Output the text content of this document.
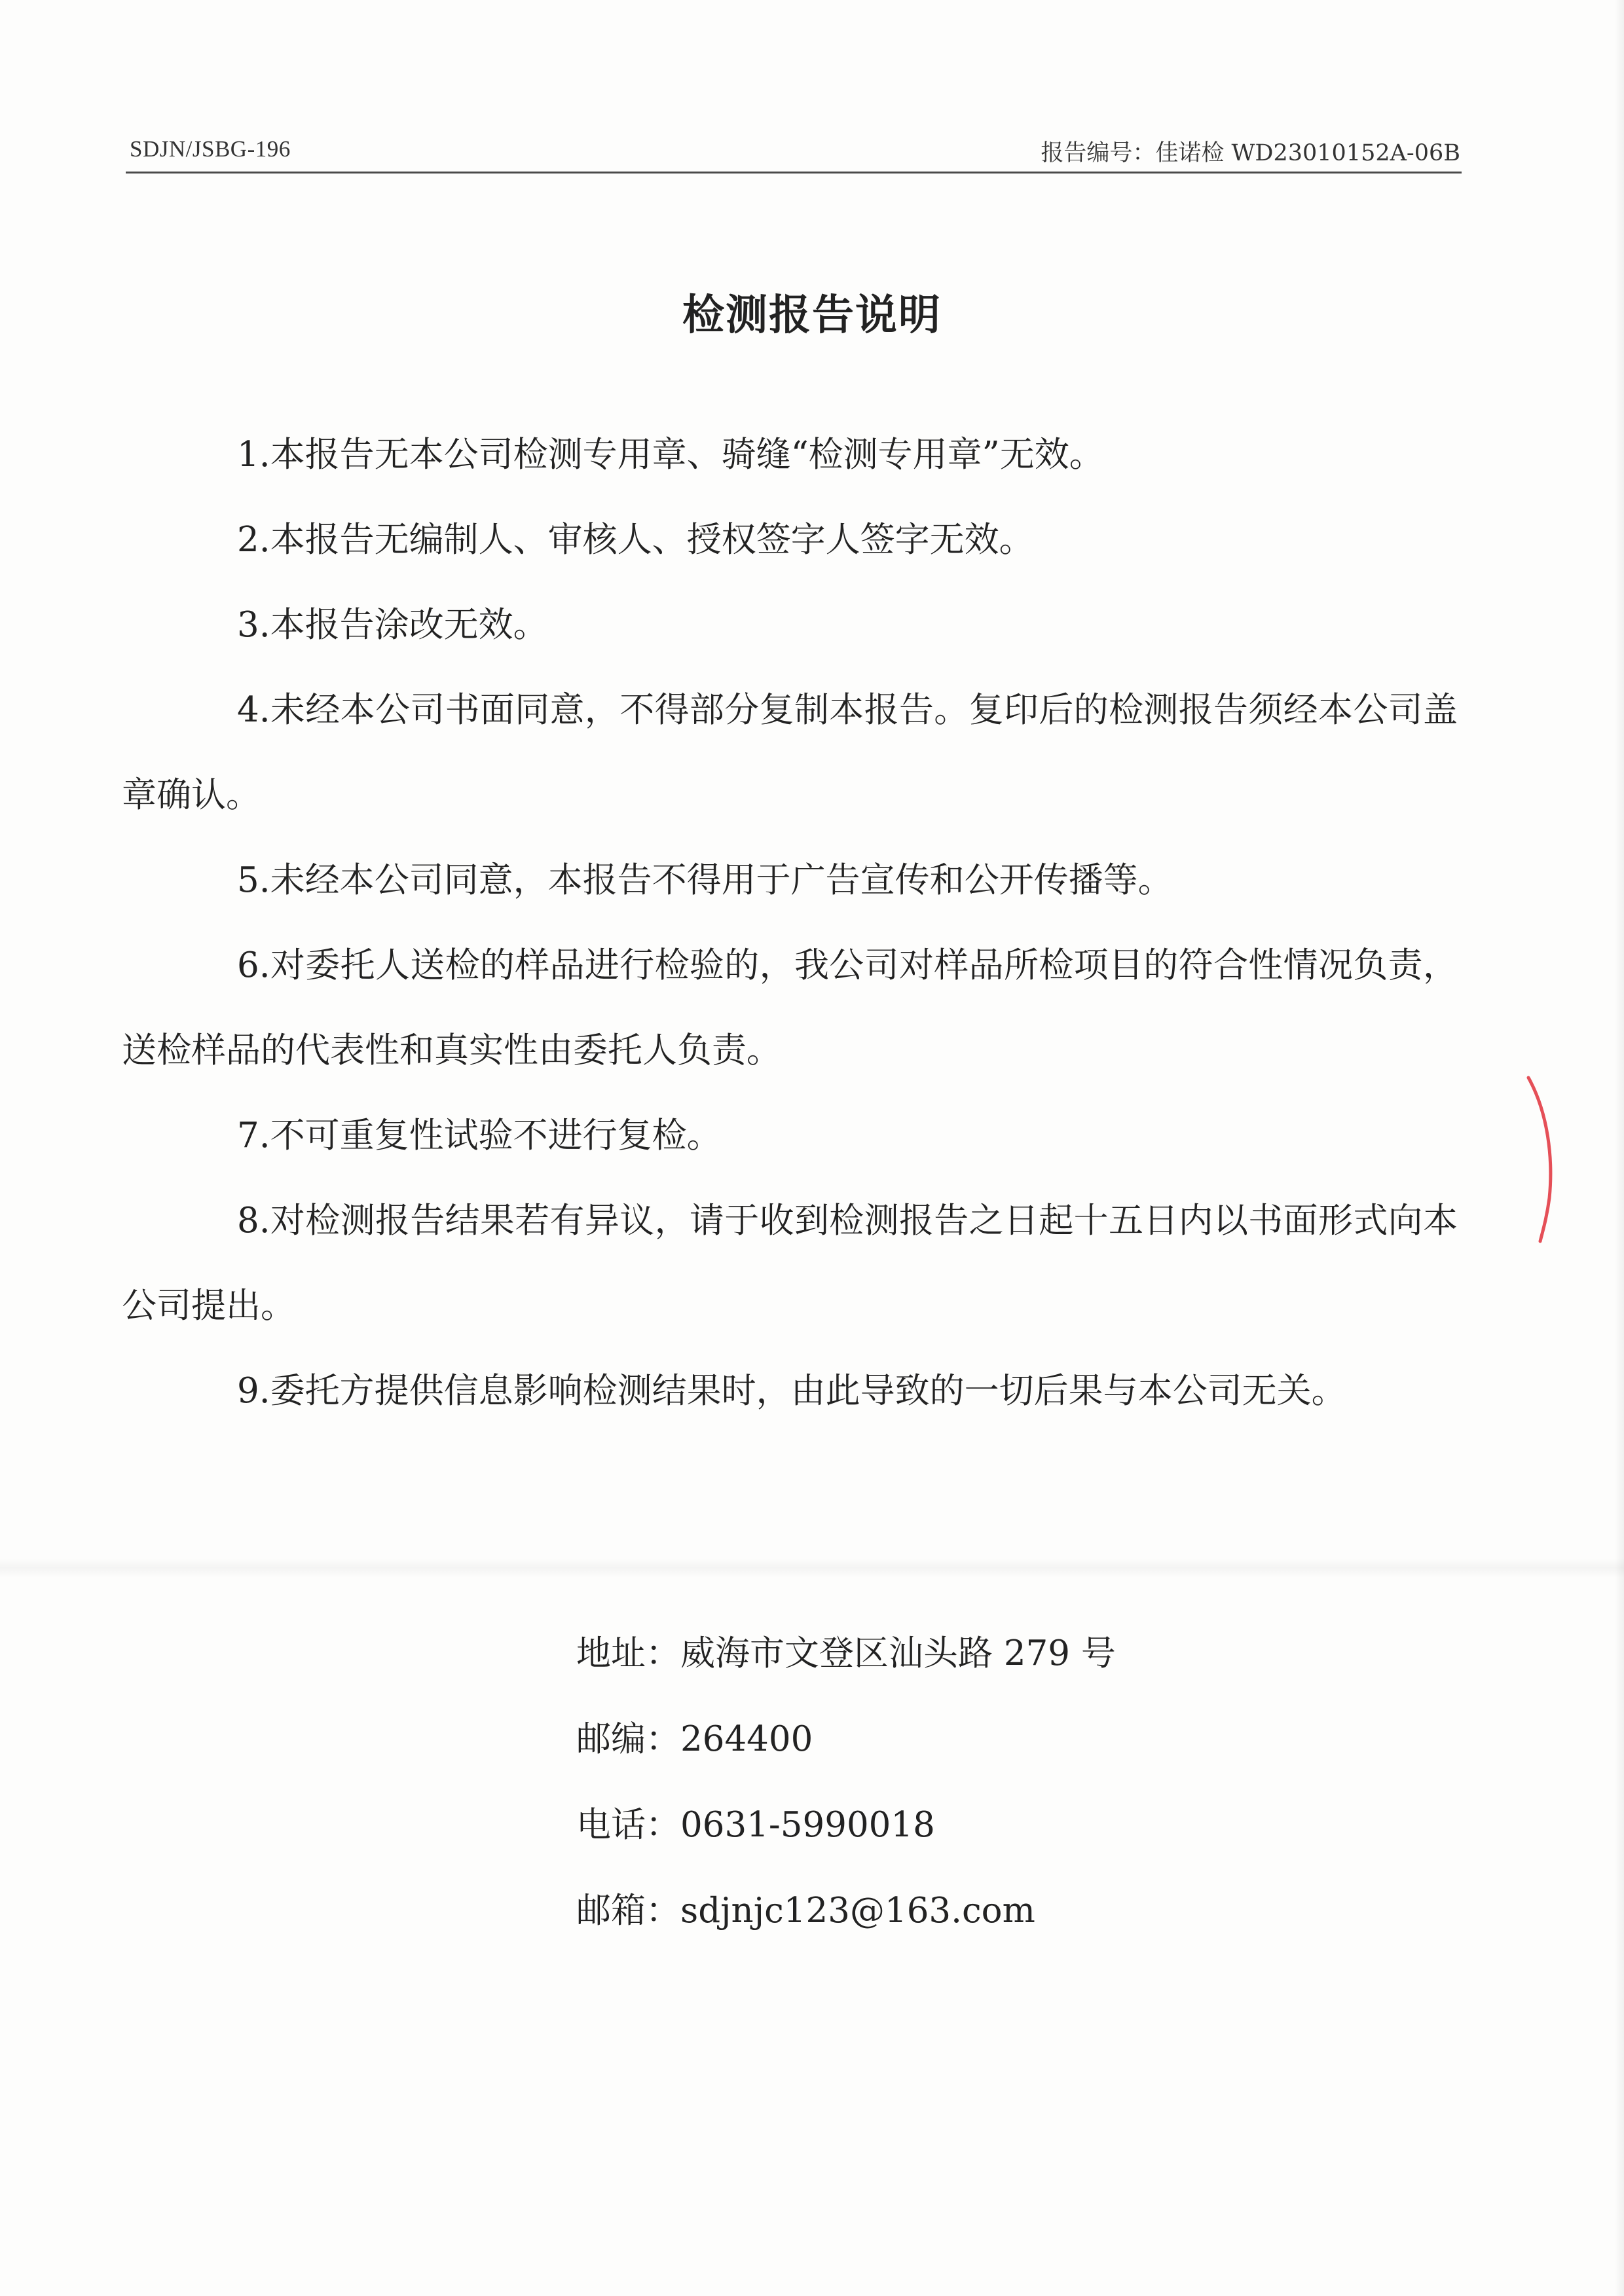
SDJN/JSBG-196	报告编号：佳诺检 WD23010152A-06B
检测报告说明
1.本报告无本公司检测专用章、骑缝“检测专用章”无效。
2.本报告无编制人、审核人、授权签字人签字无效。
3.本报告涂改无效。
4.未经本公司书面同意，不得部分复制本报告。复印后的检测报告须经本公司盖章确认。
5.未经本公司同意，本报告不得用于广告宣传和公开传播等。
6.对委托人送检的样品进行检验的，我公司对样品所检项目的符合性情况负责，送检样品的代表性和真实性由委托人负责。
7.不可重复性试验不进行复检。
8.对检测报告结果若有异议，请于收到检测报告之日起十五日内以书面形式向本公司提出。
9.委托方提供信息影响检测结果时，由此导致的一切后果与本公司无关。
地址：威海市文登区汕头路 279 号
邮编：264400
电话：0631-5990018
邮箱：sdjnjc123@163.com
